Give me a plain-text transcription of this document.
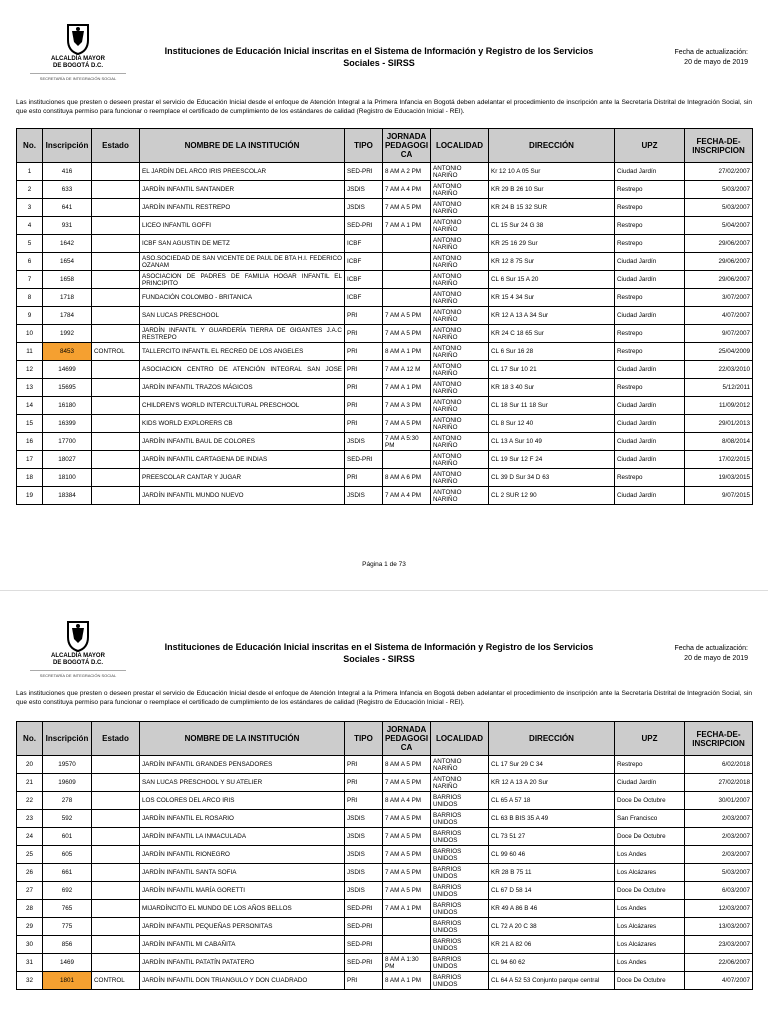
ALCALDÍA MAYOR
DE BOGOTÁ D.C.
SECRETARÍA DE INTEGRACIÓN SOCIAL
Instituciones de Educación Inicial inscritas en el Sistema de Información y Registro de los Servicios
Sociales - SIRSS
Fecha de actualización:
20 de mayo de 2019
Las instituciones que presten o deseen prestar el servicio de Educación Inicial desde el enfoque de Atención Integral a la Primera Infancia en Bogotá deben adelantar el procedimiento de inscripción ante la Secretaría Distrital de Integración Social, sin que esto constituya permiso para funcionar o reemplace el certificado de cumplimiento de los estándares de calidad (Registro de Educación Inicial - REI).
No.	Inscripción	Estado	NOMBRE DE LA INSTITUCIÓN	TIPO	JORNADA PEDAGOGI CA	LOCALIDAD	DIRECCIÓN	UPZ	FECHA-DE-INSCRIPCION
1	416		EL JARDÍN DEL ARCO IRIS PREESCOLAR	SED-PRI	8 AM A 2 PM	ANTONIO NARIÑO	Kr 12 10 A 05 Sur	Ciudad Jardín	27/02/2007
2	633		JARDÍN INFANTIL SANTANDER	JSDIS	7 AM A 4 PM	ANTONIO NARIÑO	KR 29 B 26 10 Sur	Restrepo	5/03/2007
3	641		JARDÍN INFANTIL RESTREPO	JSDIS	7 AM A 5 PM	ANTONIO NARIÑO	KR 24 B 15 32 SUR	Restrepo	5/03/2007
4	931		LICEO INFANTIL GOFFI	SED-PRI	7 AM A 1 PM	ANTONIO NARIÑO	CL 15 Sur 24 G 38	Restrepo	5/04/2007
5	1642		ICBF SAN AGUSTIN DE METZ	ICBF		ANTONIO NARIÑO	KR 25 16 29 Sur	Restrepo	29/06/2007
6	1654		ASO.SOCIEDAD DE SAN VICENTE DE PAUL DE BTA H.I. FEDERICO OZANAM	ICBF		ANTONIO NARIÑO	KR 12 8 75 Sur	Ciudad Jardín	29/06/2007
7	1658		ASOCIACION DE PADRES DE FAMILIA HOGAR INFANTIL EL PRINCIPITO	ICBF		ANTONIO NARIÑO	CL 6 Sur 15 A 20	Ciudad Jardín	29/06/2007
8	1718		FUNDACIÓN COLOMBO - BRITANICA	ICBF		ANTONIO NARIÑO	KR 15 4 34 Sur	Restrepo	3/07/2007
9	1784		SAN LUCAS PRESCHOOL	PRI	7 AM A 5 PM	ANTONIO NARIÑO	KR 12 A 13 A 34 Sur	Ciudad Jardín	4/07/2007
10	1992		JARDÍN INFANTIL Y GUARDERÍA TIERRA DE GIGANTES J.A.C RESTREPO	PRI	7 AM A 5 PM	ANTONIO NARIÑO	KR 24 C 18 65 Sur	Restrepo	9/07/2007
11	8453	CONTROL	TALLERCITO INFANTIL EL RECREO DE LOS ANGELES	PRI	8 AM A 1 PM	ANTONIO NARIÑO	CL 6 Sur 16 28	Restrepo	25/04/2009
12	14699		ASOCIACION CENTRO DE ATENCIÓN INTEGRAL SAN JOSE	PRI	7 AM A 12 M	ANTONIO NARIÑO	CL 17 Sur 10 21	Ciudad Jardín	22/03/2010
13	15695		JARDÍN INFANTIL TRAZOS MÁGICOS	PRI	7 AM A 1 PM	ANTONIO NARIÑO	KR 18 3 40 Sur	Restrepo	5/12/2011
14	16180		CHILDREN'S WORLD INTERCULTURAL PRESCHOOL	PRI	7 AM A 3 PM	ANTONIO NARIÑO	CL 18 Sur 11 18 Sur	Ciudad Jardín	11/09/2012
15	16399		KIDS WORLD EXPLORERS CB	PRI	7 AM A 5 PM	ANTONIO NARIÑO	CL 8 Sur 12 40	Ciudad Jardín	29/01/2013
16	17700		JARDÍN INFANTIL BAUL DE COLORES	JSDIS	7 AM A 5:30 PM	ANTONIO NARIÑO	CL 13 A Sur 10 49	Ciudad Jardín	8/08/2014
17	18027		JARDÍN INFANTIL CARTAGENA DE INDIAS	SED-PRI		ANTONIO NARIÑO	CL 19 Sur 12 F 24	Ciudad Jardín	17/02/2015
18	18100		PREESCOLAR CANTAR Y JUGAR	PRI	8 AM A 6 PM	ANTONIO NARIÑO	CL 39 D Sur 34 D 63	Restrepo	19/03/2015
19	18384		JARDÍN INFANTIL MUNDO NUEVO	JSDIS	7 AM A 4 PM	ANTONIO NARIÑO	CL 2 SUR 12 90	Ciudad Jardín	9/07/2015
Página 1 de 73
ALCALDÍA MAYOR
DE BOGOTÁ D.C.
SECRETARÍA DE INTEGRACIÓN SOCIAL
Instituciones de Educación Inicial inscritas en el Sistema de Información y Registro de los Servicios
Sociales - SIRSS
Fecha de actualización:
20 de mayo de 2019
Las instituciones que presten o deseen prestar el servicio de Educación Inicial desde el enfoque de Atención Integral a la Primera Infancia en Bogotá deben adelantar el procedimiento de inscripción ante la Secretaría Distrital de Integración Social, sin que esto constituya permiso para funcionar o reemplace el certificado de cumplimiento de los estándares de calidad (Registro de Educación Inicial - REI).
No.	Inscripción	Estado	NOMBRE DE LA INSTITUCIÓN	TIPO	JORNADA PEDAGOGI CA	LOCALIDAD	DIRECCIÓN	UPZ	FECHA-DE-INSCRIPCION
20	19570		JARDÍN INFANTIL GRANDES PENSADORES	PRI	8 AM A 5 PM	ANTONIO NARIÑO	CL 17 Sur 29 C 34	Restrepo	6/02/2018
21	19609		SAN LUCAS PRESCHOOL Y SU ATELIER	PRI	7 AM A 5 PM	ANTONIO NARIÑO	KR 12 A 13 A 20 Sur	Ciudad Jardín	27/02/2018
22	278		LOS COLORES DEL ARCO IRIS	PRI	8 AM A 4 PM	BARRIOS UNIDOS	CL 65 A 57 18	Doce De Octubre	30/01/2007
23	592		JARDÍN INFANTIL EL ROSARIO	JSDIS	7 AM A 5 PM	BARRIOS UNIDOS	CL 63 B BIS 35 A 49	San Francisco	2/03/2007
24	601		JARDÍN INFANTIL LA INMACULADA	JSDIS	7 AM A 5 PM	BARRIOS UNIDOS	CL 73 51 27	Doce De Octubre	2/03/2007
25	605		JARDÍN INFANTIL RIONEGRO	JSDIS	7 AM A 5 PM	BARRIOS UNIDOS	CL 99 60 46	Los Andes	2/03/2007
26	661		JARDÍN INFANTIL SANTA SOFIA	JSDIS	7 AM A 5 PM	BARRIOS UNIDOS	KR 28 B 75 11	Los Alcázares	5/03/2007
27	692		JARDÍN INFANTIL MARÍA GORETTI	JSDIS	7 AM A 5 PM	BARRIOS UNIDOS	CL 67 D 58 14	Doce De Octubre	6/03/2007
28	765		MIJARDÍNCITO EL MUNDO DE LOS AÑOS BELLOS	SED-PRI	7 AM A 1 PM	BARRIOS UNIDOS	KR 49 A 86 B 46	Los Andes	12/03/2007
29	775		JARDÍN INFANTIL PEQUEÑAS PERSONITAS	SED-PRI		BARRIOS UNIDOS	CL 72 A 20 C 38	Los Alcázares	13/03/2007
30	856		JARDÍN INFANTIL MI CABAÑITA	SED-PRI		BARRIOS UNIDOS	KR 21 A 82 06	Los Alcázares	23/03/2007
31	1469		JARDÍN INFANTIL PATATÍN PATATERO	SED-PRI	8 AM A 1:30 PM	BARRIOS UNIDOS	CL 94 60 62	Los Andes	22/06/2007
32	1801	CONTROL	JARDÍN INFANTIL DON TRIANGULO Y DON CUADRADO	PRI	8 AM A 1 PM	BARRIOS UNIDOS	CL 64 A 52 53 Conjunto parque central	Doce De Octubre	4/07/2007
